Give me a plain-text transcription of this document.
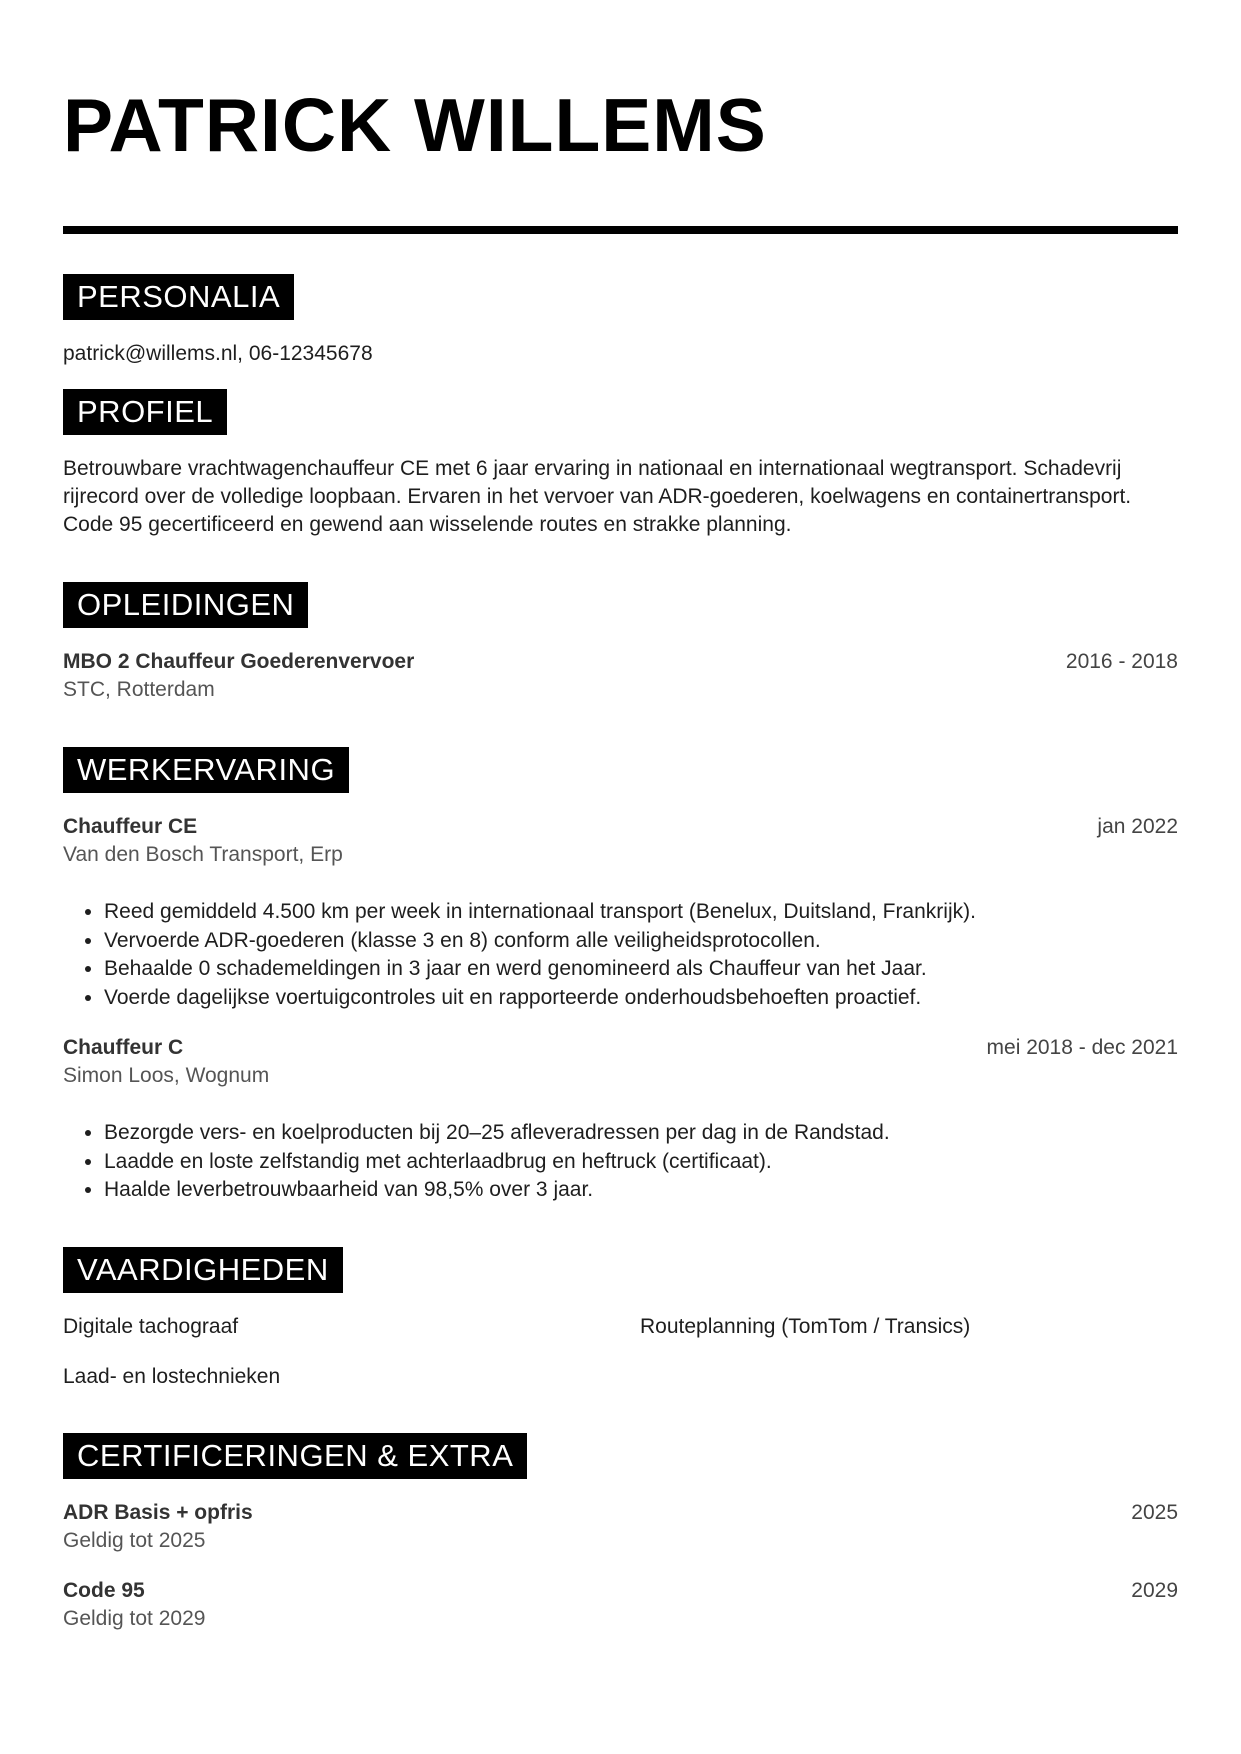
PATRICK WILLEMS
PERSONALIA
patrick@willems.nl, 06-12345678
PROFIEL

Betrouwbare vrachtwagenchauffeur CE met 6 jaar ervaring in nationaal en internationaal wegtransport. Schadevrij rijrecord over de volledige loopbaan. Ervaren in het vervoer van ADR-goederen, koelwagens en containertransport. Code 95 gecertificeerd en gewend aan wisselende routes en strakke planning.

OPLEIDINGEN
MBO 2 Chauffeur Goederenvervoer	2016 - 2018
STC, Rotterdam
WERKERVARING
Chauffeur CE	jan 2022
Van den Bosch Transport, Erp
• Reed gemiddeld 4.500 km per week in internationaal transport (Benelux, Duitsland, Frankrijk).
• Vervoerde ADR-goederen (klasse 3 en 8) conform alle veiligheidsprotocollen.
• Behaalde 0 schademeldingen in 3 jaar en werd genomineerd als Chauffeur van het Jaar.
• Voerde dagelijkse voertuigcontroles uit en rapporteerde onderhoudsbehoeften proactief.
Chauffeur C	mei 2018 - dec 2021
Simon Loos, Wognum
• Bezorgde vers- en koelproducten bij 20–25 afleveradressen per dag in de Randstad.
• Laadde en loste zelfstandig met achterlaadbrug en heftruck (certificaat).
• Haalde leverbetrouwbaarheid van 98,5% over 3 jaar.
VAARDIGHEDEN
Digitale tachograaf	Routeplanning (TomTom / Transics)
Laad- en lostechnieken
CERTIFICERINGEN & EXTRA
ADR Basis + opfris	2025
Geldig tot 2025
Code 95	2029
Geldig tot 2029
